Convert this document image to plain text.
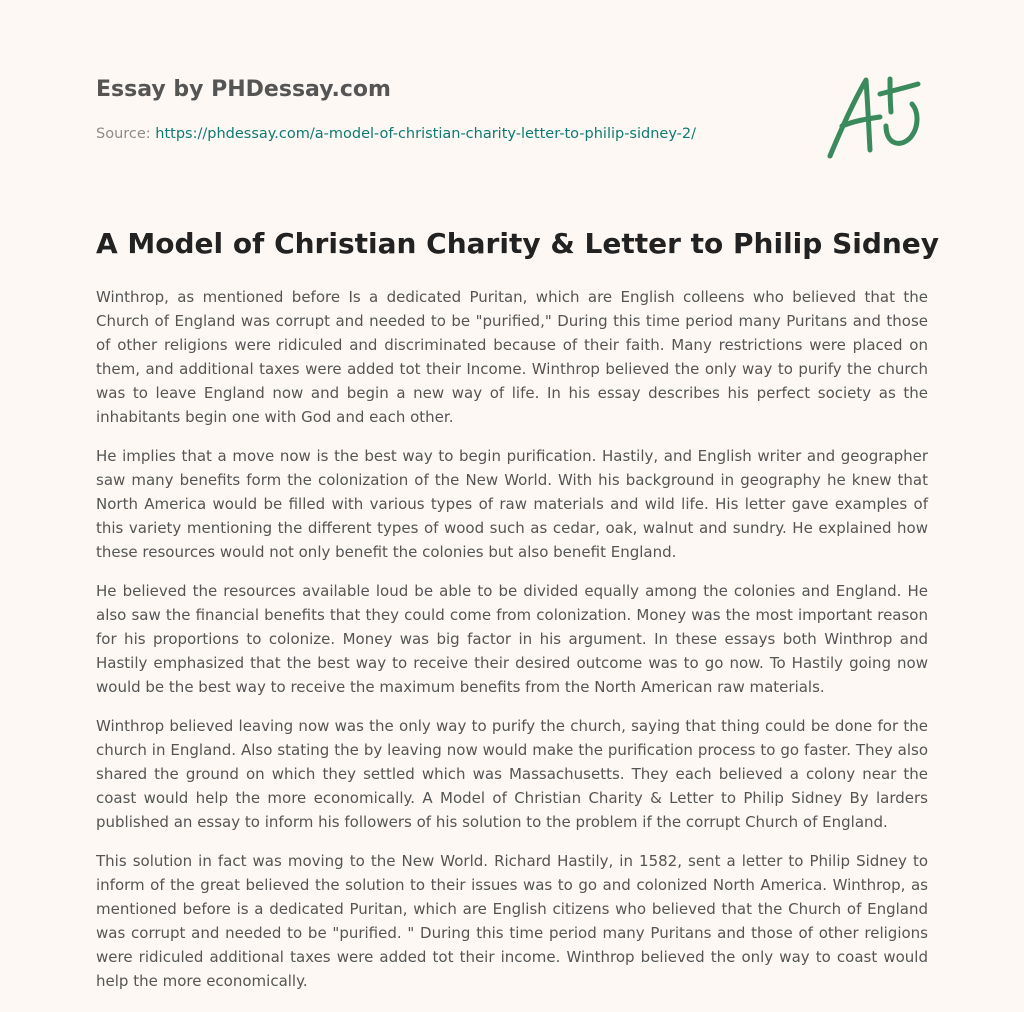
Essay by PHDessay.com
Source: https://phdessay.com/a-model-of-christian-charity-letter-to-philip-sidney-2/
A Model of Christian Charity & Letter to Philip Sidney

Winthrop, as mentioned before Is a dedicated Puritan, which are English colleens who believed that the Church of England was corrupt and needed to be "purified," During this time period many Puritans and those of other religions were ridiculed and discriminated because of their faith. Many restrictions were placed on them, and additional taxes were added tot their Income. Winthrop believed the only way to purify the church was to leave England now and begin a new way of life. In his essay describes his perfect society as the inhabitants begin one with God and each other.

He implies that a move now is the best way to begin purification. Hastily, and English writer and geographer saw many benefits form the colonization of the New World. With his background in geography he knew that North America would be filled with various types of raw materials and wild life. His letter gave examples of this variety mentioning the different types of wood such as cedar, oak, walnut and sundry. He explained how these resources would not only benefit the colonies but also benefit England.

He believed the resources available loud be able to be divided equally among the colonies and England. He also saw the financial benefits that they could come from colonization. Money was the most important reason for his proportions to colonize. Money was big factor in his argument. In these essays both Winthrop and Hastily emphasized that the best way to receive their desired outcome was to go now. To Hastily going now would be the best way to receive the maximum benefits from the North American raw materials.

Winthrop believed leaving now was the only way to purify the church, saying that thing could be done for the church in England. Also stating the by leaving now would make the purification process to go faster. They also shared the ground on which they settled which was Massachusetts. They each believed a colony near the coast would help the more economically. A Model of Christian Charity & Letter to Philip Sidney By larders published an essay to inform his followers of his solution to the problem if the corrupt Church of England.

This solution in fact was moving to the New World. Richard Hastily, in 1582, sent a letter to Philip Sidney to inform of the great believed the solution to their issues was to go and colonized North America. Winthrop, as mentioned before is a dedicated Puritan, which are English citizens who believed that the Church of England was corrupt and needed to be "purified. " During this time period many Puritans and those of other religions were ridiculed additional taxes were added tot their income. Winthrop believed the only way to coast would help the more economically.
